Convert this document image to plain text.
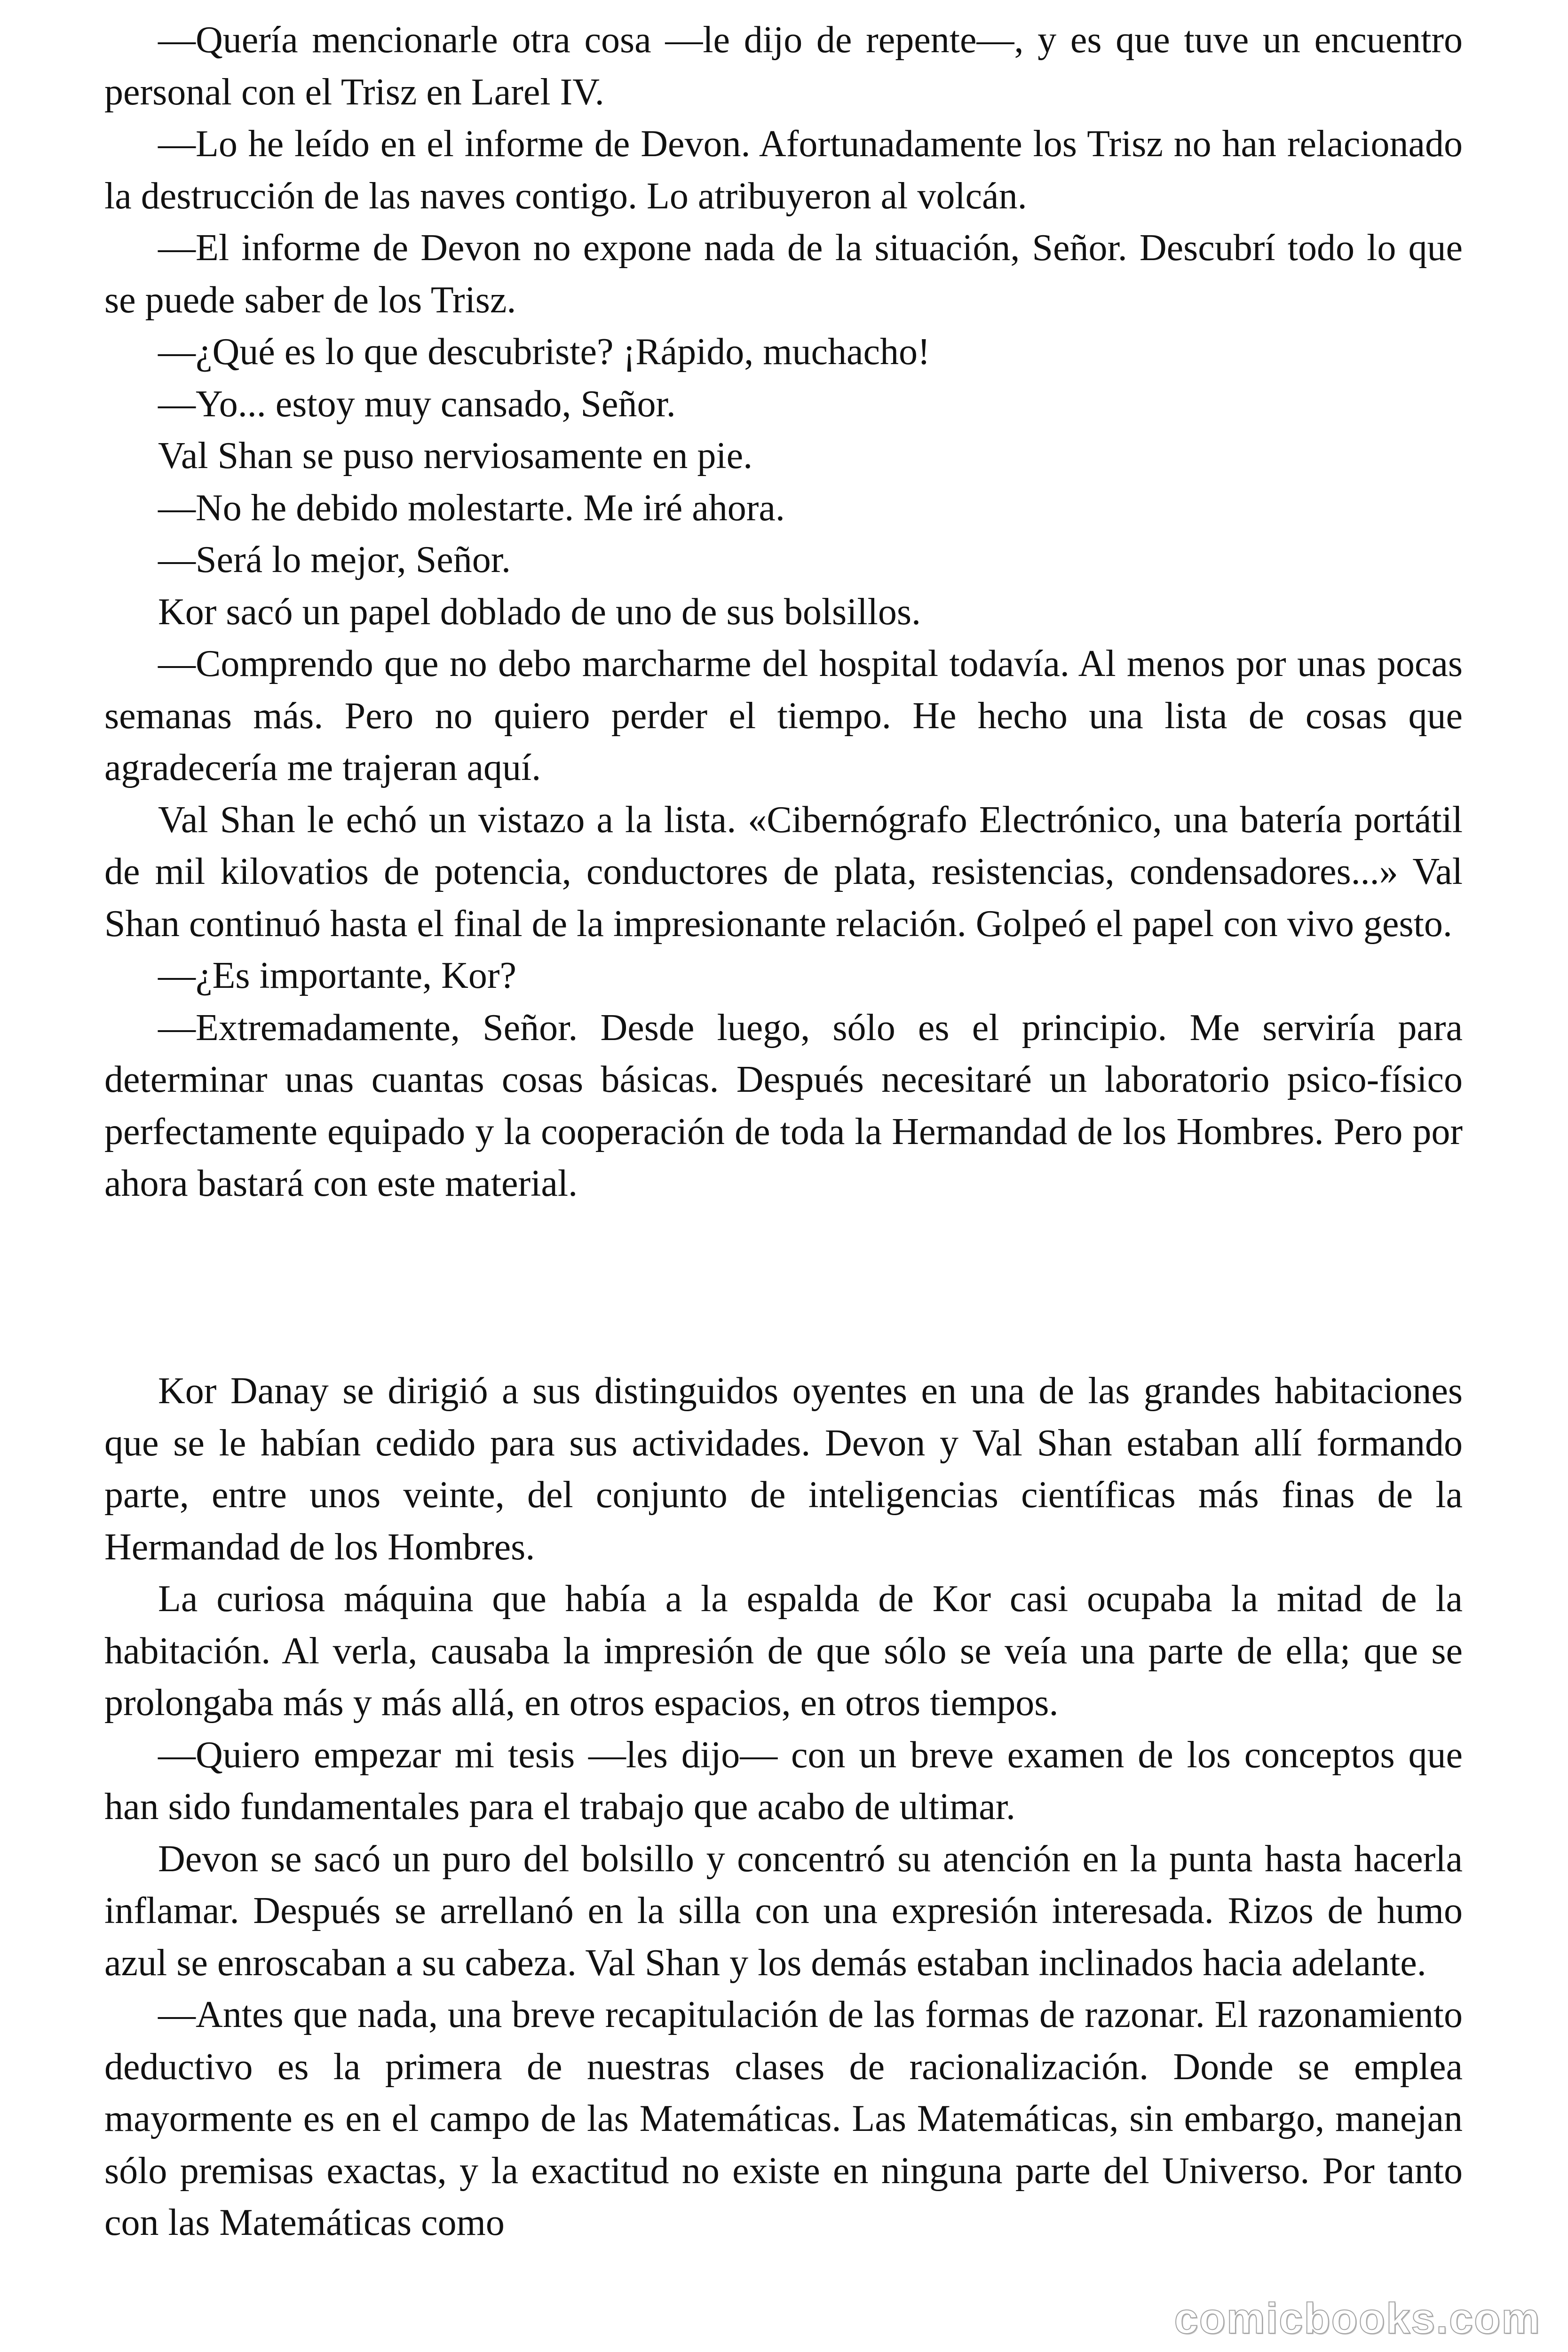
—Quería mencionarle otra cosa —le dijo de repente—, y es que tuve un encuentro personal con el Trisz en Larel IV.

—Lo he leído en el informe de Devon. Afortunadamente los Trisz no han relacionado la destrucción de las naves contigo. Lo atribuyeron al volcán.

—El informe de Devon no expone nada de la situación, Señor. Descubrí todo lo que se puede saber de los Trisz.

—¿Qué es lo que descubriste? ¡Rápido, muchacho!

—Yo... estoy muy cansado, Señor.

Val Shan se puso nerviosamente en pie.

—No he debido molestarte. Me iré ahora.

—Será lo mejor, Señor.

Kor sacó un papel doblado de uno de sus bolsillos.

—Comprendo que no debo marcharme del hospital todavía. Al menos por unas pocas semanas más. Pero no quiero perder el tiempo. He hecho una lista de cosas que agradecería me trajeran aquí.

Val Shan le echó un vistazo a la lista. «Cibernógrafo Electrónico, una batería portátil de mil kilovatios de potencia, conductores de plata, resistencias, condensadores...» Val Shan continuó hasta el final de la impresionante relación. Golpeó el papel con vivo gesto.

—¿Es importante, Kor?

—Extremadamente, Señor. Desde luego, sólo es el principio. Me serviría para determinar unas cuantas cosas básicas. Después necesitaré un laboratorio psico-físico perfectamente equipado y la cooperación de toda la Hermandad de los Hombres. Pero por ahora bastará con este material.

Kor Danay se dirigió a sus distinguidos oyentes en una de las grandes habitaciones que se le habían cedido para sus actividades. Devon y Val Shan estaban allí formando parte, entre unos veinte, del conjunto de inteligencias científicas más finas de la Hermandad de los Hombres.

La curiosa máquina que había a la espalda de Kor casi ocupaba la mitad de la habitación. Al verla, causaba la impresión de que sólo se veía una parte de ella; que se prolongaba más y más allá, en otros espacios, en otros tiempos.

—Quiero empezar mi tesis —les dijo— con un breve examen de los conceptos que han sido fundamentales para el trabajo que acabo de ultimar.

Devon se sacó un puro del bolsillo y concentró su atención en la punta hasta hacerla inflamar. Después se arrellanó en la silla con una expresión interesada. Rizos de humo azul se enroscaban a su cabeza. Val Shan y los demás estaban inclinados hacia adelante.

—Antes que nada, una breve recapitulación de las formas de razonar. El razonamiento deductivo es la primera de nuestras clases de racionalización. Donde se emplea mayormente es en el campo de las Matemáticas. Las Matemáticas, sin embargo, manejan sólo premisas exactas, y la exactitud no existe en ninguna parte del Universo. Por tanto con las Matemáticas como

comicbooks.com
